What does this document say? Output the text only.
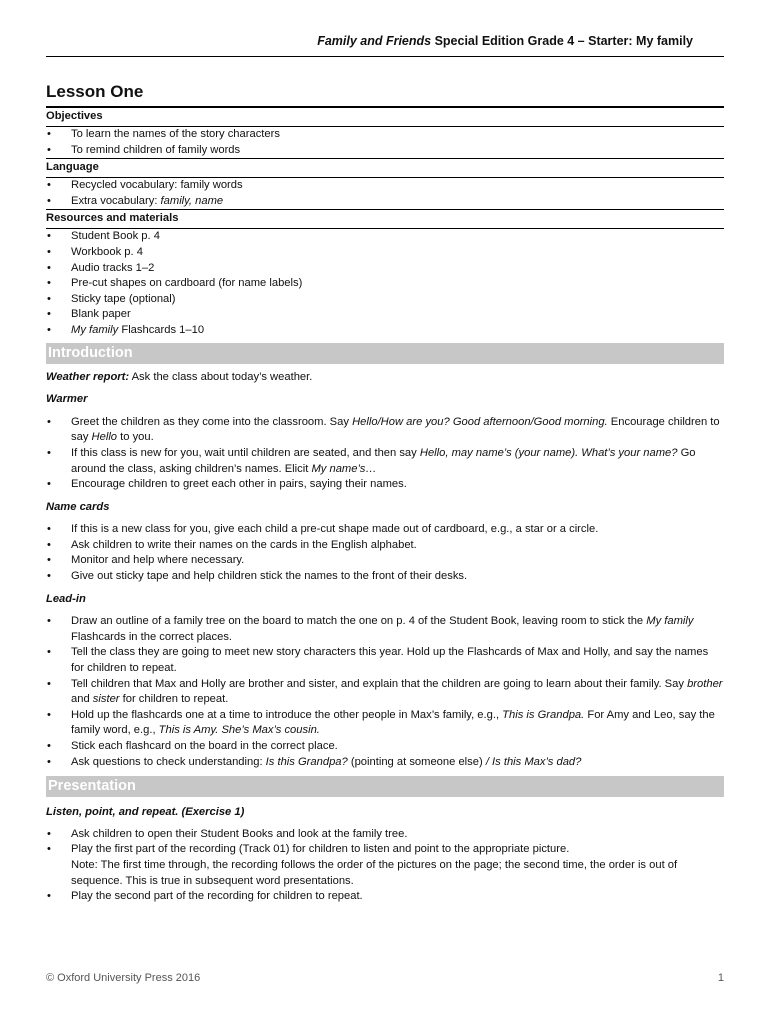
Family and Friends Special Edition Grade 4 – Starter: My family
Lesson One
Objectives
• To learn the names of the story characters
• To remind children of family words
Language
• Recycled vocabulary: family words
• Extra vocabulary: family, name
Resources and materials
• Student Book p. 4
• Workbook p. 4
• Audio tracks 1–2
• Pre-cut shapes on cardboard (for name labels)
• Sticky tape (optional)
• Blank paper
• My family Flashcards 1–10
Introduction

Weather report: Ask the class about today’s weather.

Warmer

• Greet the children as they come into the classroom. Say Hello/How are you? Good afternoon/Good morning. Encourage children to say Hello to you.
• If this class is new for you, wait until children are seated, and then say Hello, may name’s (your name). What’s your name? Go around the class, asking children’s names. Elicit My name’s…
• Encourage children to greet each other in pairs, saying their names.

Name cards

• If this is a new class for you, give each child a pre-cut shape made out of cardboard, e.g., a star or a circle.
• Ask children to write their names on the cards in the English alphabet.
• Monitor and help where necessary.
• Give out sticky tape and help children stick the names to the front of their desks.

Lead-in

• Draw an outline of a family tree on the board to match the one on p. 4 of the Student Book, leaving room to stick the My family Flashcards in the correct places.
• Tell the class they are going to meet new story characters this year. Hold up the Flashcards of Max and Holly, and say the names for children to repeat.
• Tell children that Max and Holly are brother and sister, and explain that the children are going to learn about their family. Say brother and sister for children to repeat.
• Hold up the flashcards one at a time to introduce the other people in Max’s family, e.g., This is Grandpa. For Amy and Leo, say the family word, e.g., This is Amy. She’s Max’s cousin.
• Stick each flashcard on the board in the correct place.
• Ask questions to check understanding: Is this Grandpa? (pointing at someone else) / Is this Max’s dad?
Presentation

Listen, point, and repeat. (Exercise 1)

• Ask children to open their Student Books and look at the family tree.
• Play the first part of the recording (Track 01) for children to listen and point to the appropriate picture.
Note: The first time through, the recording follows the order of the pictures on the page; the second time, the order is out of sequence. This is true in subsequent word presentations.
• Play the second part of the recording for children to repeat.
© Oxford University Press 2016	1
